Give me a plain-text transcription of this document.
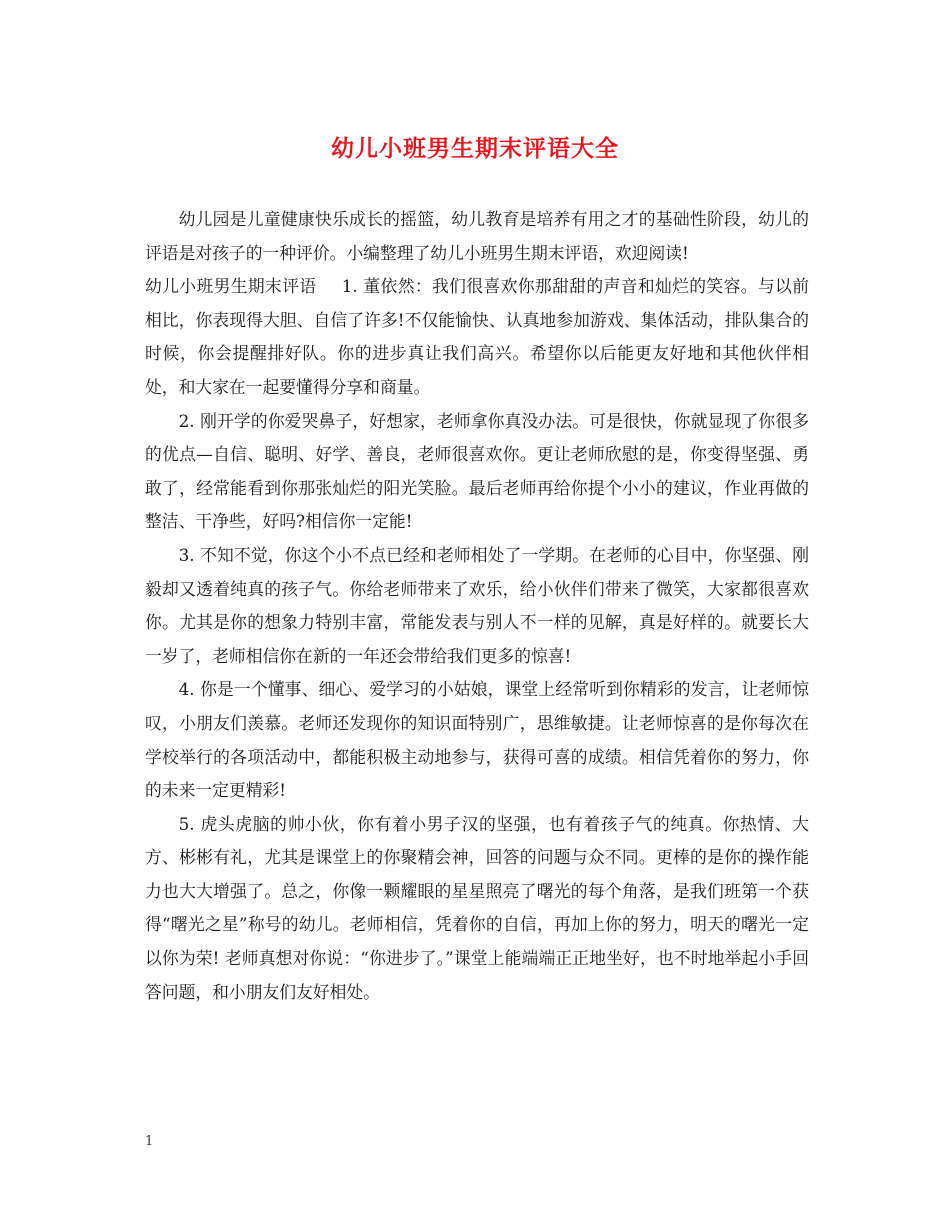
幼儿小班男生期末评语大全

幼儿园是儿童健康快乐成长的摇篮，幼儿教育是培养有用之才的基础性阶段，幼儿的评语是对孩子的一种评价。小编整理了幼儿小班男生期末评语，欢迎阅读!

幼儿小班男生期末评语   1. 董依然：我们很喜欢你那甜甜的声音和灿烂的笑容。与以前相比，你表现得大胆、自信了许多!不仅能愉快、认真地参加游戏、集体活动，排队集合的时候，你会提醒排好队。你的进步真让我们高兴。希望你以后能更友好地和其他伙伴相处，和大家在一起要懂得分享和商量。

2. 刚开学的你爱哭鼻子，好想家，老师拿你真没办法。可是很快，你就显现了你很多的优点—自信、聪明、好学、善良，老师很喜欢你。更让老师欣慰的是，你变得坚强、勇敢了，经常能看到你那张灿烂的阳光笑脸。最后老师再给你提个小小的建议，作业再做的整洁、干净些，好吗?相信你一定能!

3. 不知不觉，你这个小不点已经和老师相处了一学期。在老师的心目中，你坚强、刚毅却又透着纯真的孩子气。你给老师带来了欢乐，给小伙伴们带来了微笑，大家都很喜欢你。尤其是你的想象力特别丰富，常能发表与别人不一样的见解，真是好样的。就要长大一岁了，老师相信你在新的一年还会带给我们更多的惊喜!

4. 你是一个懂事、细心、爱学习的小姑娘，课堂上经常听到你精彩的发言，让老师惊叹，小朋友们羡慕。老师还发现你的知识面特别广，思维敏捷。让老师惊喜的是你每次在学校举行的各项活动中，都能积极主动地参与，获得可喜的成绩。相信凭着你的努力，你的未来一定更精彩!

5. 虎头虎脑的帅小伙，你有着小男子汉的坚强，也有着孩子气的纯真。你热情、大方、彬彬有礼，尤其是课堂上的你聚精会神，回答的问题与众不同。更棒的是你的操作能力也大大增强了。总之，你像一颗耀眼的星星照亮了曙光的每个角落，是我们班第一个获得“曙光之星”称号的幼儿。老师相信，凭着你的自信，再加上你的努力，明天的曙光一定以你为荣! 老师真想对你说：“你进步了。”课堂上能端端正正地坐好，也不时地举起小手回答问题，和小朋友们友好相处。

1
